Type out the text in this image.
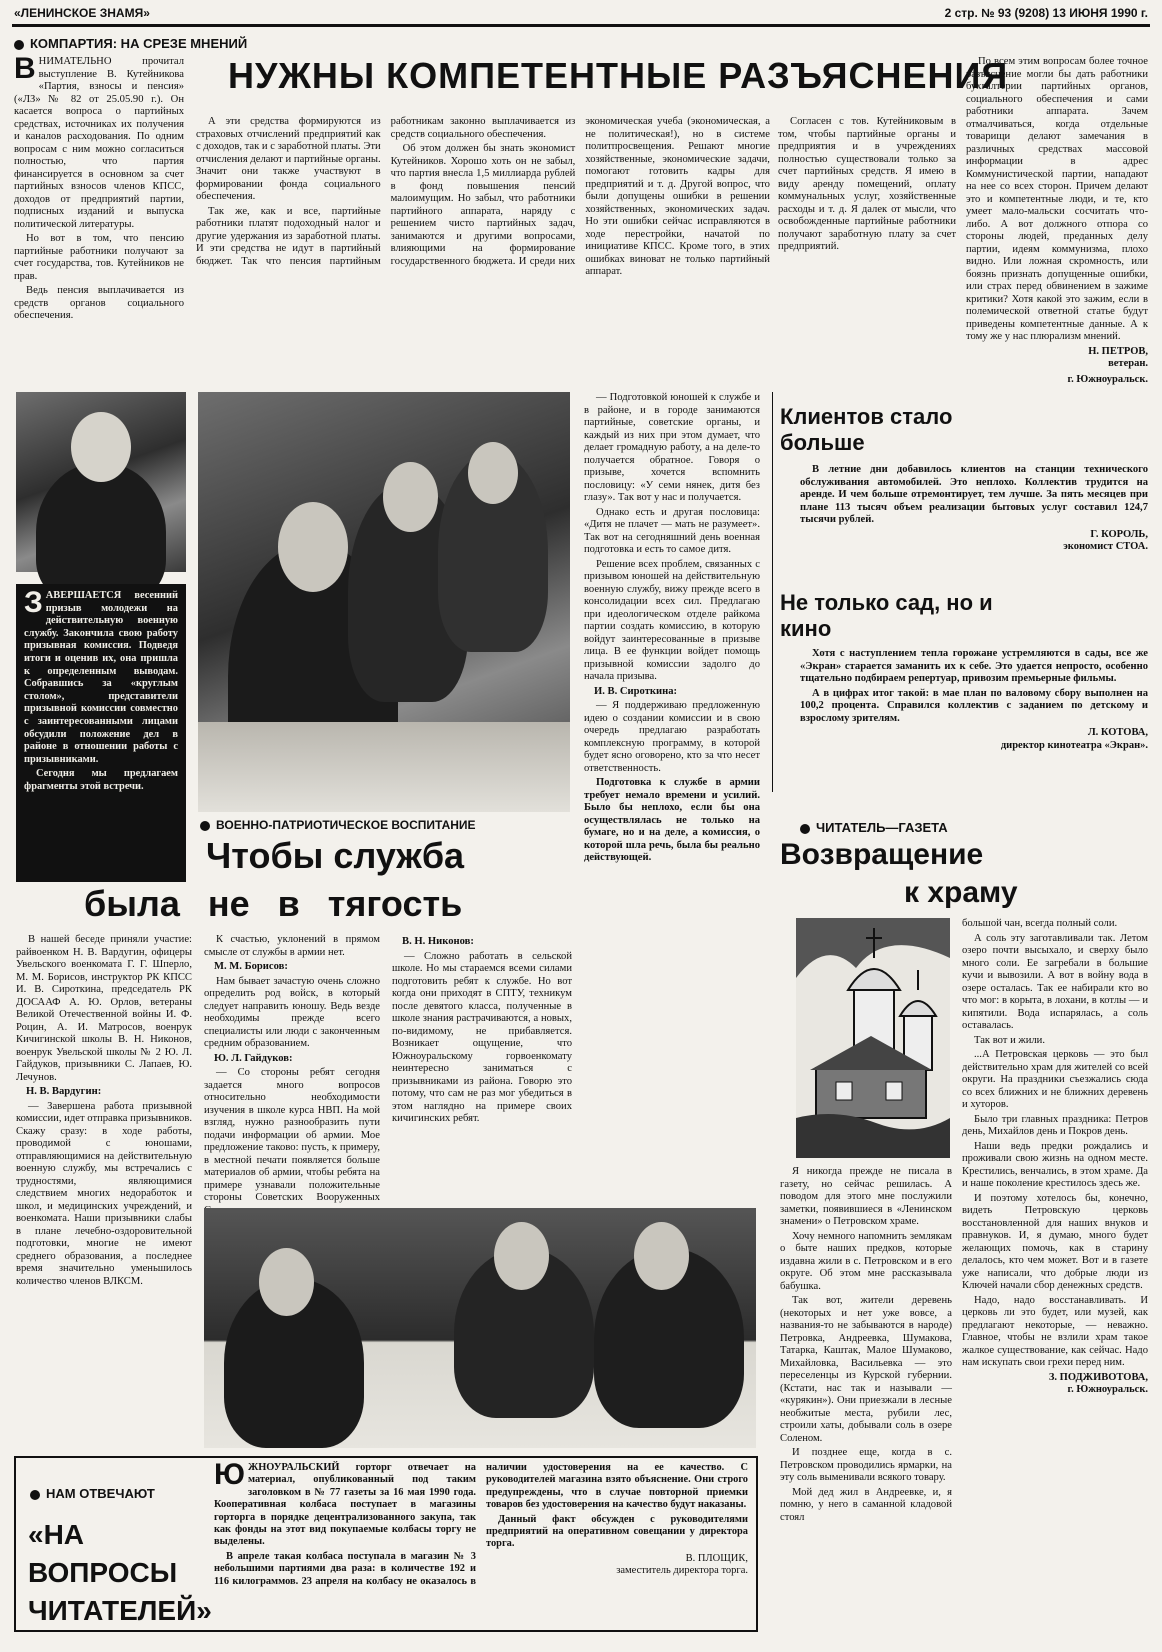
«ЛЕНИНСКОЕ ЗНАМЯ»	2 стр. № 93 (9208) 13 ИЮНЯ 1990 г.
КОМПАРТИЯ: НА СРЕЗЕ МНЕНИЙ
НУЖНЫ КОМПЕТЕНТНЫЕ РАЗЪЯСНЕНИЯ

ВНИМАТЕЛЬНО прочитал выступление В. Кутейникова «Партия, взносы и пенсия» («ЛЗ» № 82 от 25.05.90 г.). Он касается вопроса о партийных средствах, источниках их получения и каналов расходования. По одним вопросам с ним можно согласиться полностью, что партия финансируется в основном за счет партийных взносов членов КПСС, доходов от предприятий партии, подписных изданий и выпуска политической литературы.

Но вот в том, что пенсию партийные работники получают за счет государства, тов. Кутейников не прав.

Ведь пенсия выплачивается из средств органов социального обеспечения.

А эти средства формируются из страховых отчислений предприятий как с доходов, так и с заработной платы. Эти отчисления делают и партийные органы. Значит они также участвуют в формировании фонда социального обеспечения.

Так же, как и все, партийные работники платят подоходный налог и другие удержания из заработной платы. И эти средства не идут в партийный бюджет. Так что пенсия партийным работникам законно выплачивается из средств социального обеспечения.

Об этом должен бы знать экономист Кутейников. Хорошо хоть он не забыл, что партия внесла 1,5 миллиарда рублей в фонд повышения пенсий малоимущим. Но забыл, что работники партийного аппарата, наряду с решением чисто партийных задач, занимаются и другими вопросами, влияющими на формирование государственного бюджета. И среди них экономическая учеба (экономическая, а не политическая!), но в системе политпросвещения. Решают многие хозяйственные, экономические задачи, помогают готовить кадры для предприятий и т. д. Другой вопрос, что были допущены ошибки в решении хозяйственных, экономических задач. Но эти ошибки сейчас исправляются в ходе перестройки, начатой по инициативе КПСС. Кроме того, в этих ошибках виноват не только партийный аппарат.

Согласен с тов. Кутейниковым в том, чтобы партийные органы и предприятия и в учреждениях полностью существовали только за счет партийных средств. Я имею в виду аренду помещений, оплату коммунальных услуг, хозяйственные расходы и т. д. Я далек от мысли, что освобожденные партийные работники получают заработную плату за счет предприятий.

По всем этим вопросам более точное разъяснение могли бы дать работники бухгалтерии партийных органов, социального обеспечения и сами работники аппарата. Зачем отмалчиваться, когда отдельные товарищи делают замечания в различных средствах массовой информации в адрес Коммунистической партии, нападают на нее со всех сторон. Причем делают это и компетентные люди, и те, кто умеет мало-мальски сосчитать что-либо. А вот должного отпора со стороны людей, преданных делу партии, идеям коммунизма, плохо видно. Или ложная скромность, или боязнь признать допущенные ошибки, или страх перед обвинением в зажиме критики? Хотя какой это зажим, если в полемической ответной статье будут приведены компетентные данные. А к тому же у нас плюрализм мнений.

Н. ПЕТРОВ,

ветеран.

г. Южноуральск.

ЗАВЕРШАЕТСЯ весенний призыв молодежи на действительную военную службу. Закончила свою работу призывная комиссия. Подведя итоги и оценив их, она пришла к определенным выводам. Собравшись за «круглым столом», представители призывной комиссии совместно с заинтересованными лицами обсудили положение дел в районе в отношении работы с призывниками.

Сегодня мы предлагаем фрагменты этой встречи.

— Подготовкой юношей к службе и в районе, и в городе занимаются партийные, советские органы, и каждый из них при этом думает, что делает громадную работу, а на деле-то получается обратное. Говоря о призыве, хочется вспомнить пословицу: «У семи нянек, дитя без глазу». Так вот у нас и получается.

Однако есть и другая пословица: «Дитя не плачет — мать не разумеет». Так вот на сегодняшний день военная подготовка и есть то самое дитя.

Решение всех проблем, связанных с призывом юношей на действительную военную службу, вижу прежде всего в консолидации всех сил. Предлагаю при идеологическом отделе райкома партии создать комиссию, в которую войдут заинтересованные в призыве лица. В ее функции войдет помощь призывной комиссии задолго до начала призыва.

И. В. Сироткина:

— Я поддерживаю предложенную идею о создании комиссии и в свою очередь предлагаю разработать комплексную программу, в которой будет ясно оговорено, кто за что несет ответственность.

Подготовка к службе в армии требует немало времени и усилий. Было бы неплохо, если бы она осуществлялась не только на бумаге, но и на деле, а комиссия, о которой шла речь, была бы реально действующей.

ВОЕННО-ПАТРИОТИЧЕСКОЕ ВОСПИТАНИЕ
Чтобы служба
была не в тягость

В нашей беседе приняли участие: райвоенком Н. В. Вардугин, офицеры Увельского военкомата Г. Г. Шперло, М. М. Борисов, инструктор РК КПСС И. В. Сироткина, председатель РК ДОСААФ А. Ю. Орлов, ветераны Великой Отечественной войны И. Ф. Роцин, А. И. Матросов, военрук Кичигинской школы В. Н. Никонов, военрук Увельской школы № 2 Ю. Л. Гайдуков, призывники С. Лапаев, Ю. Лечунов.

Н. В. Вардугин:

— Завершена работа призывной комиссии, идет отправка призывников. Скажу сразу: в ходе работы, проводимой с юношами, отправляющимися на действительную военную службу, мы встречались с трудностями, являющимися следствием многих недоработок и школ, и медицинских учреждений, и военкомата. Наши призывники слабы в плане лечебно-оздоровительной подготовки, многие не имеют среднего образования, а последнее время значительно уменьшилось количество членов ВЛКСМ.

К счастью, уклонений в прямом смысле от службы в армии нет.

М. М. Борисов:

Нам бывает зачастую очень сложно определить род войск, в который следует направить юношу. Ведь везде необходимы прежде всего специалисты или люди с законченным средним образованием.

Ю. Л. Гайдуков:

— Со стороны ребят сегодня задается много вопросов относительно необходимости изучения в школе курса НВП. На мой взгляд, нужно разнообразить пути подачи информации об армии. Мое предложение таково: пусть, к примеру, в местной печати появляется больше материалов об армии, чтобы ребята на примере узнавали положительные стороны Советских Вооруженных

В. Н. Никонов:

— Сложно работать в сельской школе. Но мы стараемся всеми силами подготовить ребят к службе. Но вот когда они приходят в СПТУ, техникум после девятого класса, полученные в школе знания растрачиваются, а новых, по-видимому, не прибавляется. Возникает ощущение, что Южноуральскому горвоенкомату неинтересно заниматься с призывниками из района. Говорю это потому, что сам не раз мог убедиться в этом наглядно на примере своих кичигинских ребят.

Клиентов стало больше

В летние дни добавилось клиентов на станции технического обслуживания автомобилей. Это неплохо. Коллектив трудится на аренде. И чем больше отремонтирует, тем лучше. За пять месяцев при плане 113 тысяч объем реализации бытовых услуг составил 124,7 тысячи рублей.

Г. КОРОЛЬ,

экономист СТОА.

Не только сад, но и кино

Хотя с наступлением тепла горожане устремляются в сады, все же «Экран» старается заманить их к себе. Это удается непросто, особенно тщательно подбираем репертуар, привозим премьерные фильмы.

А в цифрах итог такой: в мае план по валовому сбору выполнен на 100,2 процента. Справился коллектив с заданием по детскому и взрослому зрителям.

Л. КОТОВА,

директор кинотеатра «Экран».

ЧИТАТЕЛЬ—ГАЗЕТА
Возвращение
к храму

большой чан, всегда полный соли.

А соль эту заготавливали так. Летом озеро почти высыхало, и сверху было много соли. Ее загребали в большие кучи и вывозили. А вот в войну вода в озере осталась. Так ее набирали кто во что мог: в корыта, в лохани, в котлы — и кипятили. Вода испарялась, а соль оставалась.

Так вот и жили.

...А Петровская церковь — это был действительно храм для жителей со всей округи. На праздники съезжались сюда со всех ближних и не ближних деревень и хуторов.

Было три главных праздника: Петров день, Михайлов день и Покров день.

Наши ведь предки рождались и проживали свою жизнь на одном месте. Крестились, венчались, в этом храме. Да и наше поколение крестилось здесь же.

И поэтому хотелось бы, конечно, видеть Петровскую церковь восстановленной для наших внуков и правнуков. И, я думаю, много будет желающих помочь, как в старину делалось, кто чем может. Вот и в газете уже написали, что добрые люди из Ключей начали сбор денежных средств.

Надо, надо восстанавливать. И церковь ли это будет, или музей, как предлагают некоторые, — неважно. Главное, чтобы не взлили храм такое жалкое существование, как сейчас. Надо нам искупать свои грехи перед ним.

З. ПОДЖИВОТОВА,

г. Южноуральск.

Я никогда прежде не писала в газету, но сейчас решилась. А поводом для этого мне послужили заметки, появившиеся в «Ленинском знамени» о Петровском храме.

Хочу немного напомнить землякам о быте наших предков, которые издавна жили в с. Петровском и в его округе. Об этом мне рассказывала бабушка.

Так вот, жители деревень (некоторых и нет уже вовсе, а названия-то не забываются в народе) Петровка, Андреевка, Шумакова, Татарка, Каштак, Малое Шумаково, Михайловка, Васильевка — это переселенцы из Курской губернии. (Кстати, нас так и называли — «курякин»). Они приезжали в лесные необжитые места, рубили лес, строили хаты, добывали соль в озере Соленом.

И позднее еще, когда в с. Петровском проводились ярмарки, на эту соль выменивали всякого товару.

Мой дед жил в Андреевке, и, я помню, у него в саманной кладовой стоял

НАМ ОТВЕЧАЮТ
«НА ВОПРОСЫ ЧИТАТЕЛЕЙ»

ЮЖНОУРАЛЬСКИЙ горторг отвечает на материал, опубликованный под таким заголовком в № 77 газеты за 16 мая 1990 года. Кооперативная колбаса поступает в магазины горторга в порядке децентрализованного закупа, так как фонды на этот вид покупаемые колбасы торгу не выделены.

В апреле такая колбаса поступала в магазин № 3 небольшими партиями два раза: в количестве 192 и 116 килограммов. 23 апреля на колбасу не оказалось в наличии удостоверения на ее качество. С руководителей магазина взято объяснение. Они строго предупреждены, что в случае повторной приемки товаров без удостоверения на качество будут наказаны.

Данный факт обсужден с руководителями предприятий на оперативном совещании у директора торга.

В. ПЛОЩИК,

заместитель директора торга.
